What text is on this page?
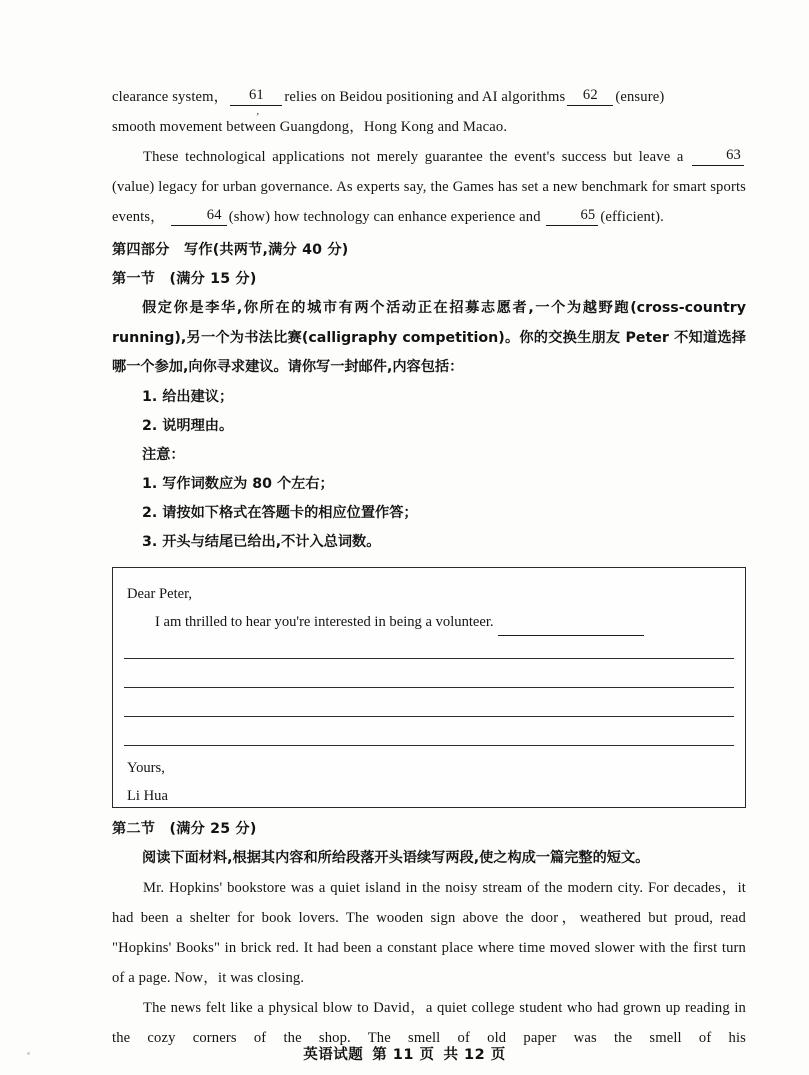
clearance system， 61
,
relies on Beidou positioning and AI algorithms 62 (ensure)
smooth movement between Guangdong，Hong Kong and Macao.

These technological applications not merely guarantee the event's success but leave a	63(value) legacy for urban governance. As experts say, the Games has set a new benchmark for smart sports events，	64 (show) how technology can enhance experience and	65 (efficient).

第四部分　写作(共两节,满分 40 分)

第一节　(满分 15 分)

假定你是李华,你所在的城市有两个活动正在招募志愿者,一个为越野跑(cross-country running),另一个为书法比赛(calligraphy competition)。你的交换生朋友 Peter 不知道选择哪一个参加,向你寻求建议。请你写一封邮件,内容包括：

1. 给出建议；

2. 说明理由。

注意：

1. 写作词数应为 80 个左右；

2. 请按如下格式在答题卡的相应位置作答；

3. 开头与结尾已给出,不计入总词数。

Dear Peter,

I am thrilled to hear you're interested in being a volunteer.

Yours,

Li Hua

第二节　(满分 25 分)

阅读下面材料,根据其内容和所给段落开头语续写两段,使之构成一篇完整的短文。

Mr. Hopkins' bookstore was a quiet island in the noisy stream of the modern city. For decades，it had been a shelter for book lovers. The wooden sign above the door，weathered but proud, read "Hopkins' Books" in brick red. It had been a constant place where time moved slower with the first turn of a page. Now，it was closing.

The news felt like a physical blow to David，a quiet college student who had grown up reading in the cozy corners of the shop. The smell of old paper was the smell of his

英语试题 第 11 页 共 12 页
